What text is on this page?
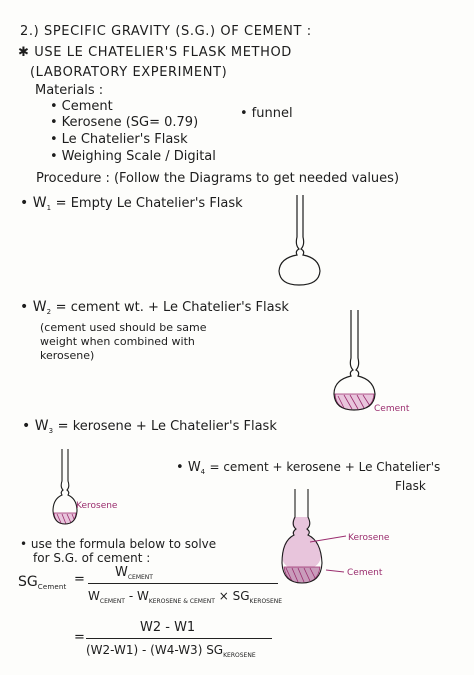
2.) SPECIFIC GRAVITY (S.G.) OF CEMENT :
✱ USE LE CHATELIER'S FLASK METHOD
(LABORATORY EXPERIMENT)
Materials :
• Cement
• Kerosene (SG= 0.79)
• Le Chatelier's Flask
• Weighing Scale / Digital
• funnel
Procedure : (Follow the Diagrams to get needed values)
• $W_1$ = Empty Le Chatelier's Flask
• $W_2$ = cement wt. + Le Chatelier's Flask
(cement used should be same
weight when combined with
kerosene)
Cement
• $W_3$ = kerosene + Le Chatelier's Flask
Kerosene
• $W_4$ = cement + kerosene + Le Chatelier's
Flask
Kerosene
Cement
• use the formula below to solve
for S.G. of cement :
$SG_{Cement} = W_{CEMENT}$
$W_{CEMENT} - W_{KEROSENE \& CEMENT} \times SG_{KEROSENE}$
=
W2 - W1
(W2-W1) - (W4-W3) $SG_{KEROSENE}$
